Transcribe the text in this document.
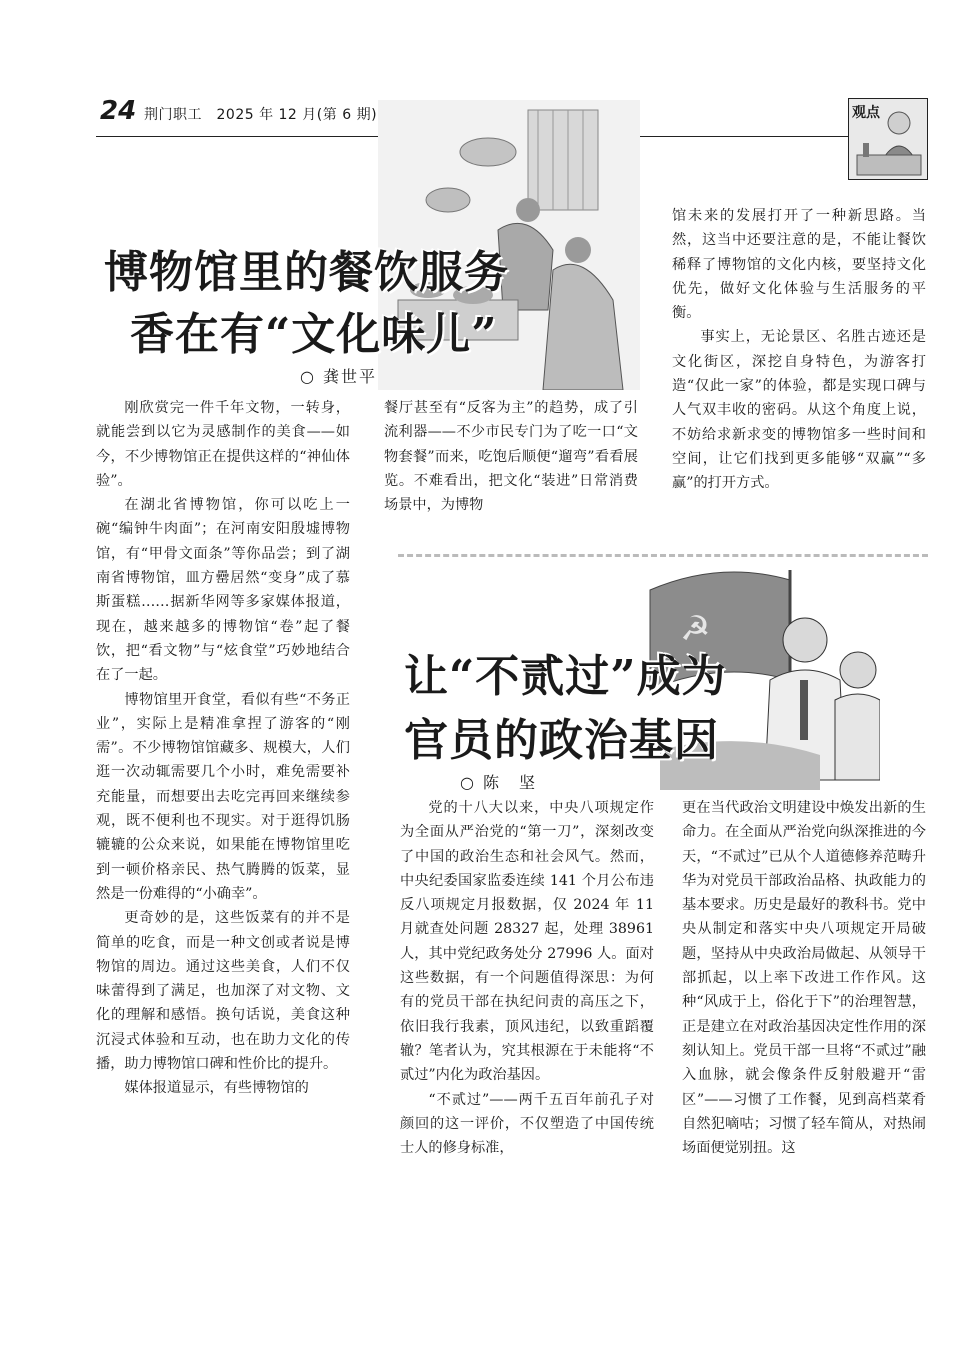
24 荆门职工　2025 年 12 月(第 6 期)	观点
博物馆里的餐饮服务
香在有“文化味儿”
○ 龚世平

刚欣赏完一件千年文物，一转身，就能尝到以它为灵感制作的美食——如今，不少博物馆正在提供这样的“神仙体验”。

在湖北省博物馆，你可以吃上一碗“编钟牛肉面”；在河南安阳殷墟博物馆，有“甲骨文面条”等你品尝；到了湖南省博物馆，皿方罍居然“变身”成了慕斯蛋糕……据新华网等多家媒体报道，现在，越来越多的博物馆“卷”起了餐饮，把“看文物”与“炫食堂”巧妙地结合在了一起。

博物馆里开食堂，看似有些“不务正业”，实际上是精准拿捏了游客的“刚需”。不少博物馆馆藏多、规模大，人们逛一次动辄需要几个小时，难免需要补充能量，而想要出去吃完再回来继续参观，既不便利也不现实。对于逛得饥肠辘辘的公众来说，如果能在博物馆里吃到一顿价格亲民、热气腾腾的饭菜，显然是一份难得的“小确幸”。

更奇妙的是，这些饭菜有的并不是简单的吃食，而是一种文创或者说是博物馆的周边。通过这些美食，人们不仅味蕾得到了满足，也加深了对文物、文化的理解和感悟。换句话说，美食这种沉浸式体验和互动，也在助力文化的传播，助力博物馆口碑和性价比的提升。

媒体报道显示，有些博物馆的

餐厅甚至有“反客为主”的趋势，成了引流利器——不少市民专门为了吃一口“文物套餐”而来，吃饱后顺便“遛弯”看看展览。不难看出，把文化“装进”日常消费场景中，为博物

馆未来的发展打开了一种新思路。当然，这当中还要注意的是，不能让餐饮稀释了博物馆的文化内核，要坚持文化优先，做好文化体验与生活服务的平衡。

事实上，无论景区、名胜古迹还是文化街区，深挖自身特色，为游客打造“仅此一家”的体验，都是实现口碑与人气双丰收的密码。从这个角度上说，不妨给求新求变的博物馆多一些时间和空间，让它们找到更多能够“双赢”“多赢”的打开方式。

☭
让“不贰过”成为
官员的政治基因
○ 陈　坚

党的十八大以来，中央八项规定作为全面从严治党的“第一刀”，深刻改变了中国的政治生态和社会风气。然而，中央纪委国家监委连续 141 个月公布违反八项规定月报数据，仅 2024 年 11 月就查处问题 28327 起，处理 38961 人，其中党纪政务处分 27996 人。面对这些数据，有一个问题值得深思：为何有的党员干部在执纪问责的高压之下，依旧我行我素，顶风违纪，以致重蹈覆辙？笔者认为，究其根源在于未能将“不贰过”内化为政治基因。

“不贰过”——两千五百年前孔子对颜回的这一评价，不仅塑造了中国传统士人的修身标准，

更在当代政治文明建设中焕发出新的生命力。在全面从严治党向纵深推进的今天，“不贰过”已从个人道德修养范畴升华为对党员干部政治品格、执政能力的基本要求。历史是最好的教科书。党中央从制定和落实中央八项规定开局破题，坚持从中央政治局做起、从领导干部抓起，以上率下改进工作作风。这种“风成于上，俗化于下”的治理智慧，正是建立在对政治基因决定性作用的深刻认知上。党员干部一旦将“不贰过”融入血脉，就会像条件反射般避开“雷区”——习惯了工作餐，见到高档菜肴自然犯嘀咕；习惯了轻车简从，对热闹场面便觉别扭。这
